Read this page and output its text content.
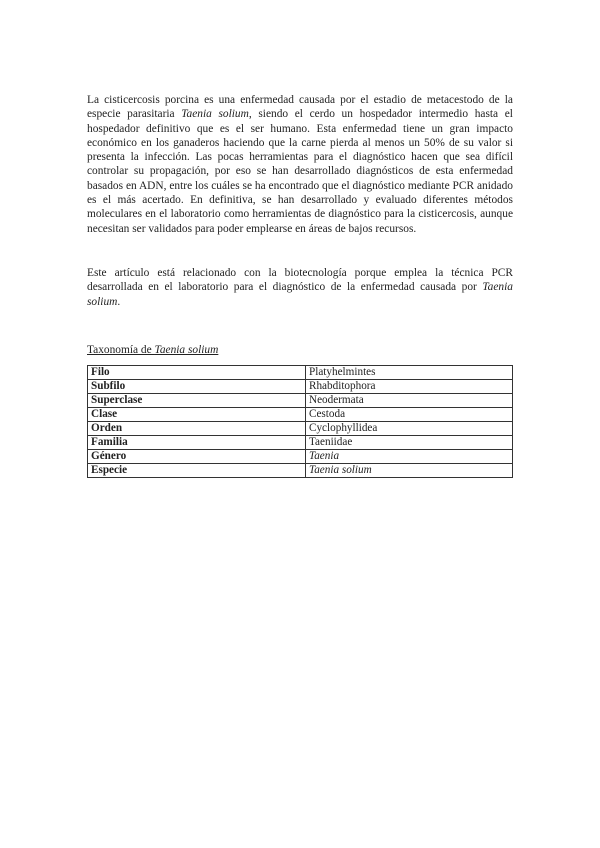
La cisticercosis porcina es una enfermedad causada por el estadio de metacestodo de la especie parasitaria Taenia solium, siendo el cerdo un hospedador intermedio hasta el hospedador definitivo que es el ser humano. Esta enfermedad tiene un gran impacto económico en los ganaderos haciendo que la carne pierda al menos un 50% de su valor si presenta la infección. Las pocas herramientas para el diagnóstico hacen que sea difícil controlar su propagación, por eso se han desarrollado diagnósticos de esta enfermedad basados en ADN, entre los cuáles se ha encontrado que el diagnóstico mediante PCR anidado es el más acertado. En definitiva, se han desarrollado y evaluado diferentes métodos moleculares en el laboratorio como herramientas de diagnóstico para la cisticercosis, aunque necesitan ser validados para poder emplearse en áreas de bajos recursos.

Este artículo está relacionado con la biotecnología porque emplea la técnica PCR desarrollada en el laboratorio para el diagnóstico de la enfermedad causada por Taenia solium.

Taxonomía de Taenia solium

Filo	Platyhelmintes
Subfilo	Rhabditophora
Superclase	Neodermata
Clase	Cestoda
Orden	Cyclophyllidea
Familia	Taeniidae
Género	Taenia
Especie	Taenia solium
